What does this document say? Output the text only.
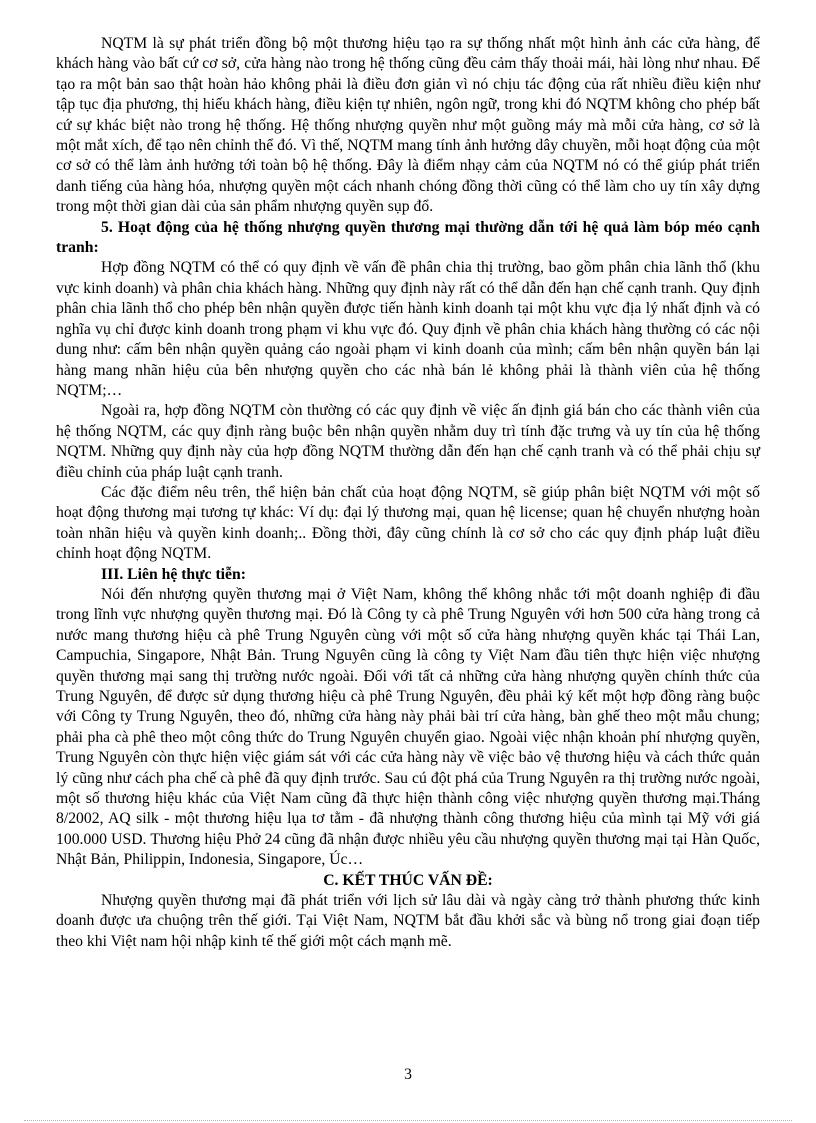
NQTM là sự phát triển đồng bộ một thương hiệu tạo ra sự thống nhất một hình ảnh các cửa hàng, để khách hàng vào bất cứ cơ sở, cửa hàng nào trong hệ thống cũng đều cảm thấy thoải mái, hài lòng như nhau. Để tạo ra một bản sao thật hoàn hảo không phải là điều đơn giản vì nó chịu tác động của rất nhiều điều kiện như tập tục địa phương, thị hiếu khách hàng, điều kiện tự nhiên, ngôn ngữ, trong khi đó NQTM không cho phép bất cứ sự khác biệt nào trong hệ thống. Hệ thống nhượng quyền như một guồng máy mà mỗi cửa hàng, cơ sở là một mắt xích, để tạo nên chỉnh thể đó. Vì thế, NQTM mang tính ảnh hưởng dây chuyền, mỗi hoạt động của một cơ sở có thể làm ảnh hưởng tới toàn bộ hệ thống. Đây là điểm nhạy cảm của NQTM nó có thể giúp phát triển danh tiếng của hàng hóa, nhượng quyền một cách nhanh chóng đồng thời cũng có thể làm cho uy tín xây dựng trong một thời gian dài của sản phẩm nhượng quyền sụp đổ.

5. Hoạt động của hệ thống nhượng quyền thương mại thường dẫn tới hệ quả làm bóp méo cạnh tranh:

Hợp đồng NQTM có thể có quy định về vấn đề phân chia thị trường, bao gồm phân chia lãnh thổ (khu vực kinh doanh) và phân chia khách hàng. Những quy định này rất có thể dẫn đến hạn chế cạnh tranh. Quy định phân chia lãnh thổ cho phép bên nhận quyền được tiến hành kinh doanh tại một khu vực địa lý nhất định và có nghĩa vụ chỉ được kinh doanh trong phạm vi khu vực đó. Quy định về phân chia khách hàng thường có các nội dung như: cấm bên nhận quyền quảng cáo ngoài phạm vi kinh doanh của mình; cấm bên nhận quyền bán lại hàng mang nhãn hiệu của bên nhượng quyền cho các nhà bán lẻ không phải là thành viên của hệ thống NQTM;…

Ngoài ra, hợp đồng NQTM còn thường có các quy định về việc ấn định giá bán cho các thành viên của hệ thống NQTM, các quy định ràng buộc bên nhận quyền nhằm duy trì tính đặc trưng và uy tín của hệ thống NQTM. Những quy định này của hợp đồng NQTM thường dẫn đến hạn chế cạnh tranh và có thể phải chịu sự điều chỉnh của pháp luật cạnh tranh.

Các đặc điểm nêu trên, thể hiện bản chất của hoạt động NQTM, sẽ giúp phân biệt NQTM với một số hoạt động thương mại tương tự khác: Ví dụ: đại lý thương mại, quan hệ license; quan hệ chuyển nhượng hoàn toàn nhãn hiệu và quyền kinh doanh;.. Đồng thời, đây cũng chính là cơ sở cho các quy định pháp luật điều chỉnh hoạt động NQTM.

III. Liên hệ thực tiễn:

Nói đến nhượng quyền thương mại ở Việt Nam, không thể không nhắc tới một doanh nghiệp đi đầu trong lĩnh vực nhượng quyền thương mại. Đó là Công ty cà phê Trung Nguyên với hơn 500 cửa hàng trong cả nước mang thương hiệu cà phê Trung Nguyên cùng với một số cửa hàng nhượng quyền khác tại Thái Lan, Campuchia, Singapore, Nhật Bản. Trung Nguyên cũng là công ty Việt Nam đầu tiên thực hiện việc nhượng quyền thương mại sang thị trường nước ngoài. Đối với tất cả những cửa hàng nhượng quyền chính thức của Trung Nguyên, để được sử dụng thương hiệu cà phê Trung Nguyên, đều phải ký kết một hợp đồng ràng buộc với Công ty Trung Nguyên, theo đó, những cửa hàng này phải bài trí cửa hàng, bàn ghế theo một mẫu chung; phải pha cà phê theo một công thức do Trung Nguyên chuyển giao. Ngoài việc nhận khoản phí nhượng quyền, Trung Nguyên còn thực hiện việc giám sát với các cửa hàng này về việc bảo vệ thương hiệu và cách thức quản lý cũng như cách pha chế cà phê đã quy định trước. Sau cú đột phá của Trung Nguyên ra thị trường nước ngoài, một số thương hiệu khác của Việt Nam cũng đã thực hiện thành công việc nhượng quyền thương mại.Tháng 8/2002, AQ silk - một thương hiệu lụa tơ tằm - đã nhượng thành công thương hiệu của mình tại Mỹ với giá 100.000 USD. Thương hiệu Phở 24 cũng đã nhận được nhiều yêu cầu nhượng quyền thương mại tại Hàn Quốc, Nhật Bản, Philippin, Indonesia, Singapore, Úc…

C. KẾT THÚC VẤN ĐỀ:

Nhượng quyền thương mại đã phát triển với lịch sử lâu dài và ngày càng trở thành phương thức kinh doanh được ưa chuộng trên thế giới. Tại Việt Nam, NQTM bắt đầu khởi sắc và bùng nổ trong giai đoạn tiếp theo khi Việt nam hội nhập kinh tế thế giới một cách mạnh mẽ.

3
